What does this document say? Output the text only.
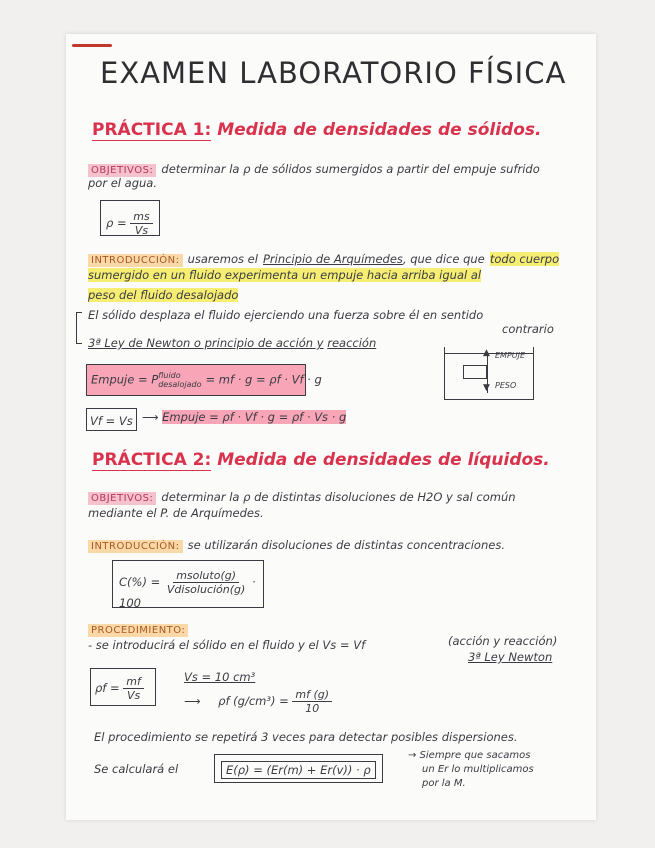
EXAMEN LABORATORIO FÍSICA
PRÁCTICA 1: Medida de densidades de sólidos.
OBJETIVOS: determinar la ρ de sólidos sumergidos a partir del empuje sufrido
por el agua.
$\rho = \frac{ms}{Vs}$
INTRODUCCIÓN: usaremos el Principio de Arquímedes, que dice que todo cuerpo
sumergido en un fluido experimenta un empuje hacia arriba igual al
peso del fluido desalojado
El sólido desplaza el fluido ejerciendo una fuerza sobre él en sentido
contrario
3ª Ley de Newton o principio de acción y reacción
▲
▼
EMPUJE
PESO
Empuje = P fluido
desalojado = mf · g = ρf · Vf · g
Vf = Vs ⟶ Empuje = ρf · Vf · g = ρf · Vs · g
PRÁCTICA 2: Medida de densidades de líquidos.
OBJETIVOS: determinar la ρ de distintas disoluciones de H2O y sal común
mediante el P. de Arquímedes.
INTRODUCCIÓN: se utilizarán disoluciones de distintas concentraciones.
$C(\%) = \frac{\text{msoluto(g)}}{\text{Vdisolución(g)}} \cdot 100$
PROCEDIMIENTO:
- se introducirá el sólido en el fluido y el Vs = Vf	(acción y reacción)
3ª Ley Newton
$\rho f = \frac{mf}{Vs}$	Vs = 10 cm³
⟶ ρf $(g/cm^3) = \frac{mf (g)}{10}$
El procedimiento se repetirá 3 veces para detectar posibles dispersiones.
Se calculará el	E(ρ) = (Er(m) + Er(v)) · ρ
→ Siempre que sacamos
un Er lo multiplicamos
por la M.
